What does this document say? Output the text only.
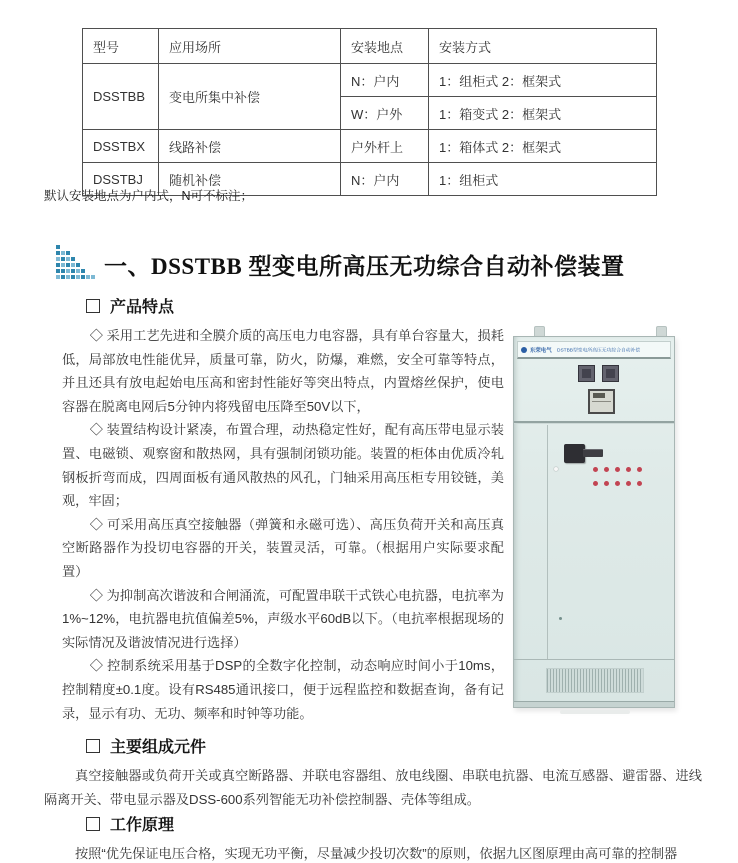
型号	应用场所	安装地点	安装方式
DSSTBB	变电所集中补偿	N：户内	1：组柜式 2：框架式
		W：户外	1：箱变式 2：框架式
DSSTBX	线路补偿	户外杆上	1：箱体式 2：框架式
DSSTBJ	随机补偿	N：户内	1：组柜式
默认安装地点为户内式，N可不标注；
一、DSSTBB 型变电所高压无功综合自动补偿装置
产品特点

◇ 采用工艺先进和全膜介质的高压电力电容器，具有单台容量大，损耗低，局部放电性能优异，质量可靠，防火，防爆，难燃，安全可靠等特点，并且还具有放电起始电压高和密封性能好等突出特点，内置熔丝保护，使电容器在脱离电网后5分钟内将残留电压降至50V以下，

◇ 装置结构设计紧凑，布置合理，动热稳定性好，配有高压带电显示装置、电磁锁、观察窗和散热网，具有强制闭锁功能。装置的柜体由优质冷轧钢板折弯而成，四周面板有通风散热的风孔，门轴采用高压柜专用铰链，美观，牢固；

◇ 可采用高压真空接触器（弹簧和永磁可选）、高压负荷开关和高压真空断路器作为投切电容器的开关，装置灵活，可靠。（根据用户实际要求配置）

◇ 为抑制高次谐波和合闸涌流，可配置串联干式铁心电抗器，电抗率为1%~12%，电抗器电抗值偏差5%，声级水平60dB以下。（电抗率根据现场的实际情况及谐波情况进行选择）

◇ 控制系统采用基于DSP的全数字化控制，动态响应时间小于10ms，控制精度±0.1度。设有RS485通讯接口，便于远程监控和数据查询，备有记录，显示有功、无功、频率和时钟等功能。

东荣电气 DSTBB型变电所高压无功综合自动补偿
主要组成元件

真空接触器或负荷开关或真空断路器、并联电容器组、放电线圈、串联电抗器、电流互感器、避雷器、进线隔离开关、带电显示器及DSS-600系列智能无功补偿控制器、壳体等组成。

工作原理

按照“优先保证电压合格，实现无功平衡，尽量减少投切次数”的原则，依据九区图原理由高可靠的控制器
